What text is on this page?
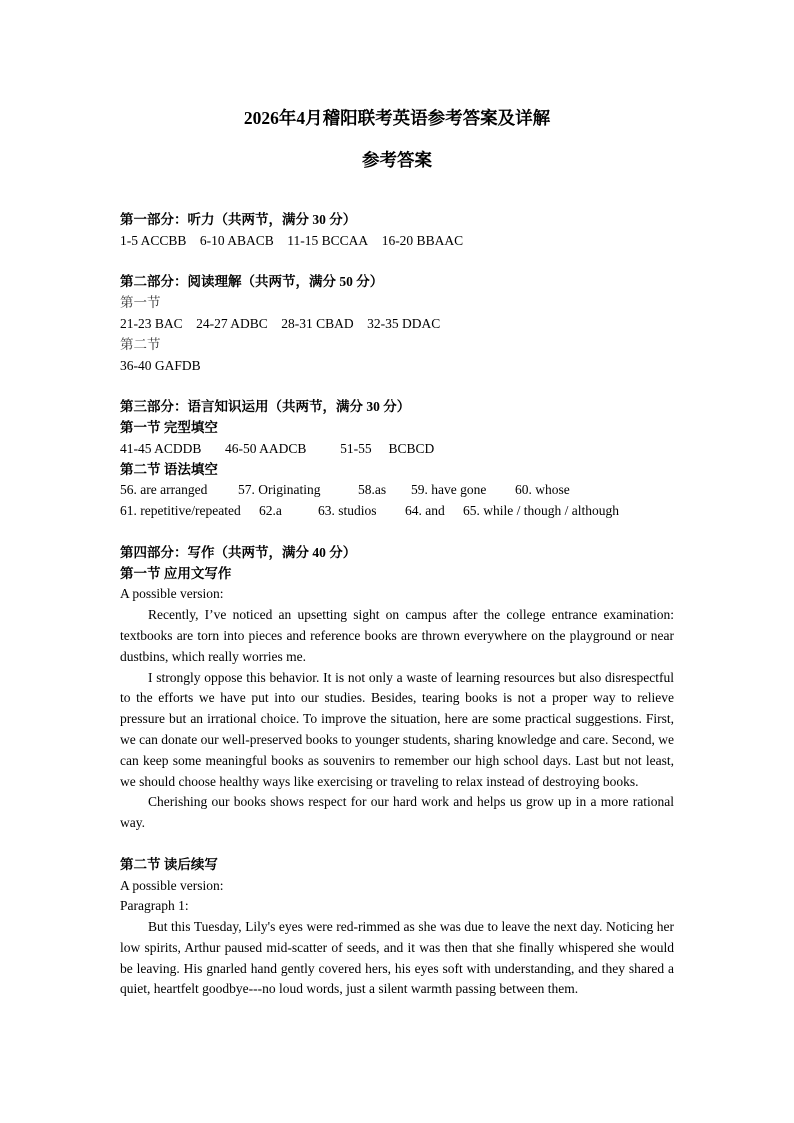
2026年4月稽阳联考英语参考答案及详解
参考答案
第一部分：听力（共两节，满分 30 分）
1-5 ACCBB 6-10 ABACB 11-15 BCCAA 16-20 BBAAC
第二部分：阅读理解（共两节，满分 50 分）
第一节
21-23 BAC 24-27 ADBC 28-31 CBAD 32-35 DDAC
第二节
36-40 GAFDB
第三部分：语言知识运用（共两节，满分 30 分）
第一节 完型填空
41-45 ACDDB 46-50 AADCB	51-55 BCBCD
第二节 语法填空
56. are arranged 57. Originating	58.as 59. have gone 60. whose
61. repetitive/repeated 62.a	63. studios 64. and 65. while / though / although
第四部分：写作（共两节，满分 40 分）
第一节 应用文写作
A possible version:

Recently, I’ve noticed an upsetting sight on campus after the college entrance examination: textbooks are torn into pieces and reference books are thrown everywhere on the playground or near dustbins, which really worries me.

I strongly oppose this behavior. It is not only a waste of learning resources but also disrespectful to the efforts we have put into our studies. Besides, tearing books is not a proper way to relieve pressure but an irrational choice. To improve the situation, here are some practical suggestions. First, we can donate our well-preserved books to younger students, sharing knowledge and care. Second, we can keep some meaningful books as souvenirs to remember our high school days. Last but not least, we should choose healthy ways like exercising or traveling to relax instead of destroying books.

Cherishing our books shows respect for our hard work and helps us grow up in a more rational way.

第二节 读后续写
A possible version:
Paragraph 1:

But this Tuesday, Lily's eyes were red-rimmed as she was due to leave the next day. Noticing her low spirits, Arthur paused mid-scatter of seeds, and it was then that she finally whispered she would be leaving. His gnarled hand gently covered hers, his eyes soft with understanding, and they shared a quiet, heartfelt goodbye---no loud words, just a silent warmth passing between them.
